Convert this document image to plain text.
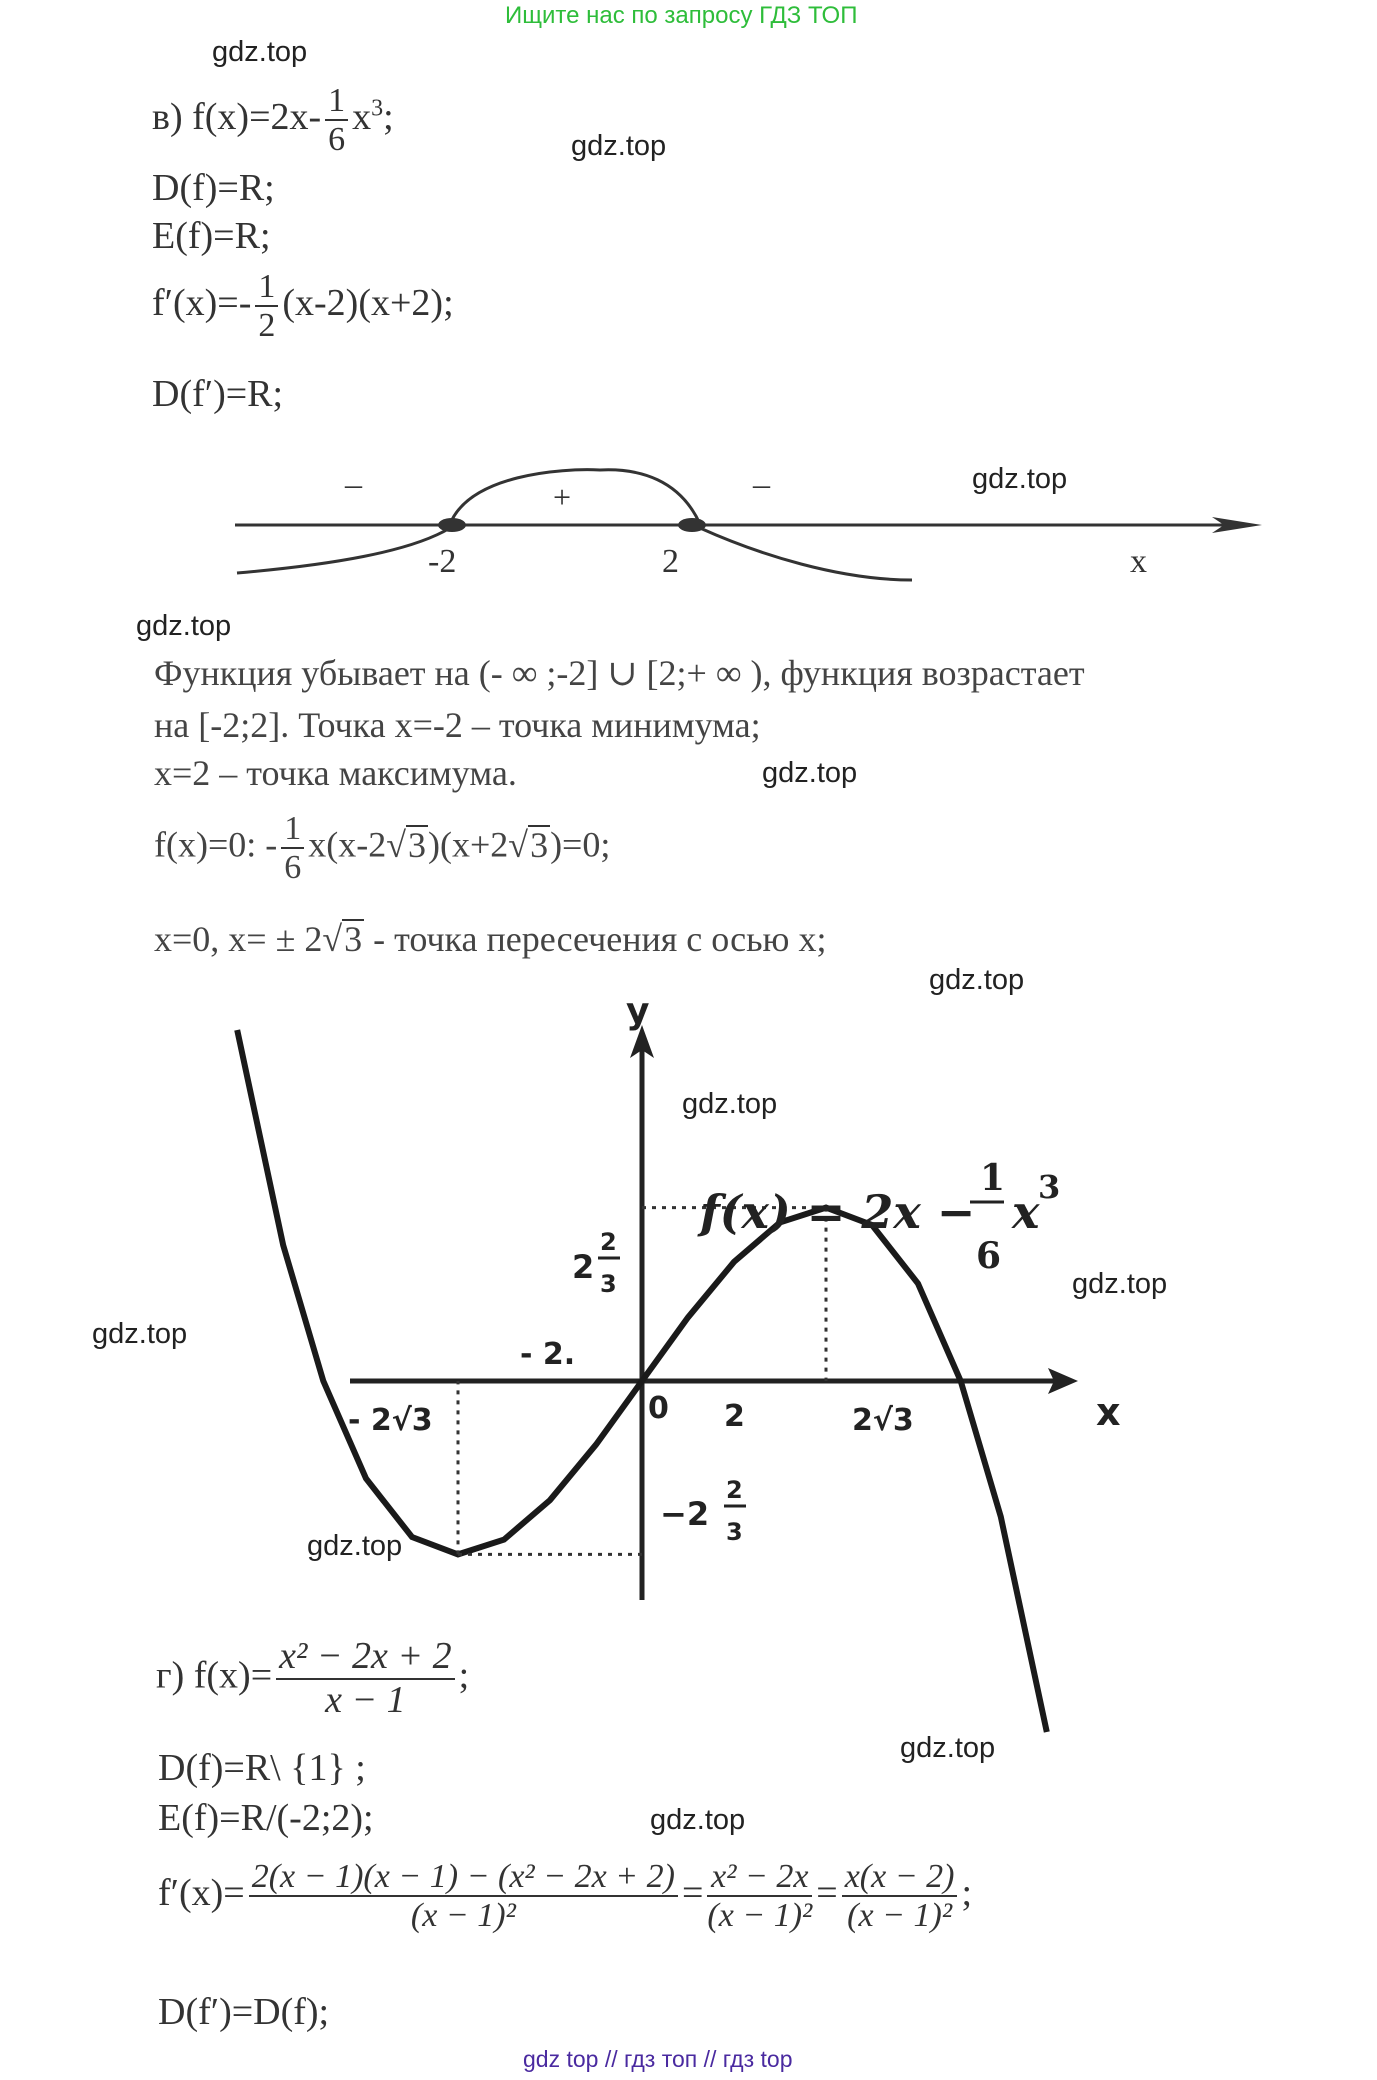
Ищите нас по запросу ГДЗ ТОП
gdz.top
gdz.top
gdz.top
gdz.top
gdz.top
gdz.top
gdz.top
gdz.top
gdz.top
gdz.top
gdz.top
gdz.top
в) $f(x)=2x- \frac{1}{6} x^3$;
D(f)=R;
E(f)=R;
$f'(x)=- \frac{1}{2} (x-2)(x+2)$;
D(f′)=R;
–	+	–
-2	2	x
Функция убывает на (- ∞ ;-2] ∪ [2;+ ∞ ), функция возрастает
на [-2;2]. Точка x=-2 – точка минимума;
x=2 – точка максимума.
f(x)=0: - $\frac{1}{6} x(x-2√3)(x+2√3)=0$;
x=0, x= ± 2√3 - точка пересечения с осью x;
y
x
0
- 2.
2
- 2√3	2√3
2
2
3
−2
2
3
f(x) = 2x −
1
6
x
3
г) $f(x)= \frac{\text{x² − 2x + 2}}{x - 1}$ ;
D(f)=R\ {1} ;
E(f)=R/(-2;2);
$f'(x)= \frac{\text{2(x − 1)(x − 1) − (x² − 2x + 2)}}{\text{(x − 1)²}} = \frac{\text{x² − 2x}}{\text{(x − 1)²}} = \frac{x(x - 2)}{\text{(x − 1)²}}$ ;
D(f′)=D(f);
gdz top // гдз топ // гдз top
